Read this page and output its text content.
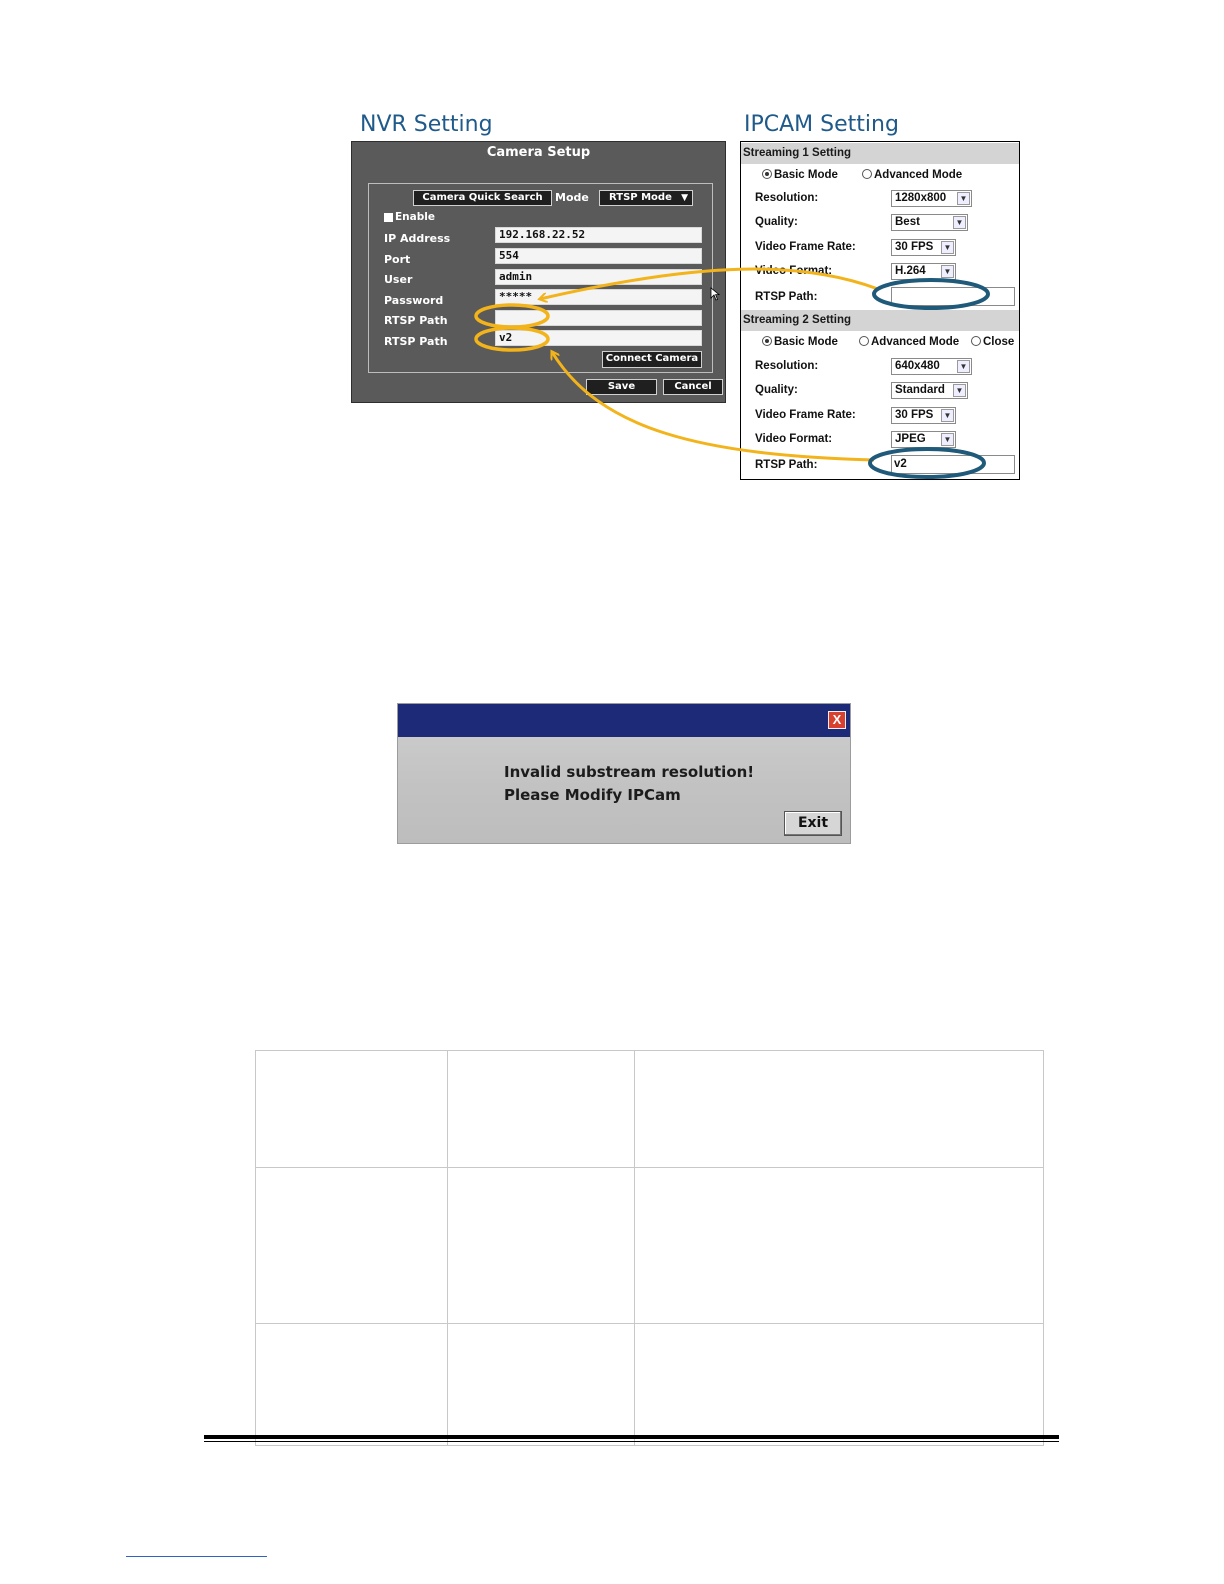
NVR Setting	IPCAM Setting
Camera Setup
Camera Quick Search	Mode	RTSP Mode ▼
Enable
IP Address	192.168.22.52
Port	554
User	admin
Password	*****
RTSP Path
RTSP Path	v2
Connect Camera
Save	Cancel
Streaming 1 Setting
Basic Mode	Advanced Mode
Resolution:	1280x800	▼
Quality:	Best	▼
Video Frame Rate:	30 FPS	▼
Video Format:	H.264	▼
RTSP Path:
Streaming 2 Setting
Basic Mode	Advanced Mode	Close
Resolution:	640x480	▼
Quality:	Standard	▼
Video Frame Rate:	30 FPS	▼
Video Format:	JPEG	▼
RTSP Path:	v2
X
Invalid substream resolution!
Please Modify IPCam
Exit
